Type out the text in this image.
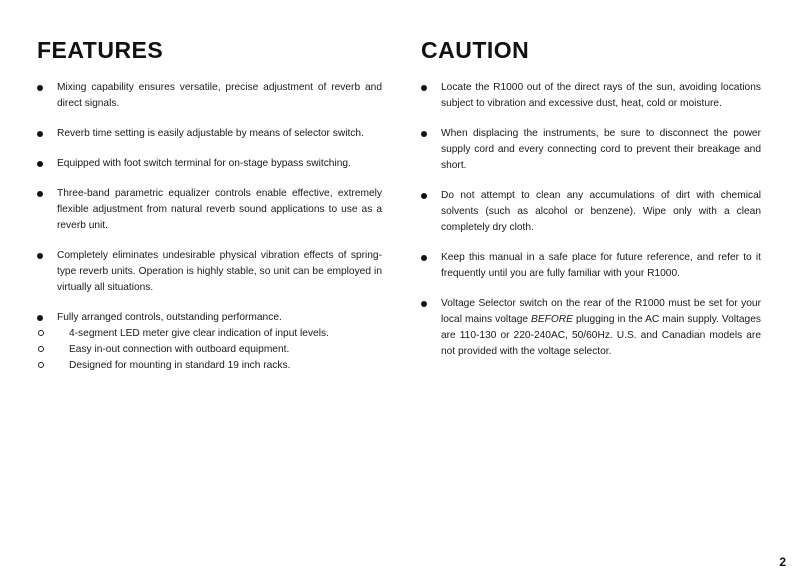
FEATURES
Mixing capability ensures versatile, precise adjustment of reverb and direct signals.
Reverb time setting is easily adjustable by means of selector switch.
Equipped with foot switch terminal for on-stage bypass switching.
Three-band parametric equalizer controls enable effective, extremely flexible adjustment from natural reverb sound applications to use as a reverb unit.
Completely eliminates undesirable physical vibration effects of spring-type reverb units. Operation is highly stable, so unit can be employed in virtually all situations.
Fully arranged controls, outstanding performance.
4-segment LED meter give clear indication of input levels.
Easy in-out connection with outboard equipment.
Designed for mounting in standard 19 inch racks.
CAUTION
Locate the R1000 out of the direct rays of the sun, avoiding locations subject to vibration and excessive dust, heat, cold or moisture.
When displacing the instruments, be sure to disconnect the power supply cord and every connecting cord to prevent their breakage and short.
Do not attempt to clean any accumulations of dirt with chemical solvents (such as alcohol or benzene). Wipe only with a clean completely dry cloth.
Keep this manual in a safe place for future reference, and refer to it frequently until you are fully familiar with your R1000.
Voltage Selector switch on the rear of the R1000 must be set for your local mains voltage BEFORE plugging in the AC main supply. Voltages are 110-130 or 220-240AC, 50/60Hz. U.S. and Canadian models are not provided with the voltage selector.
2
